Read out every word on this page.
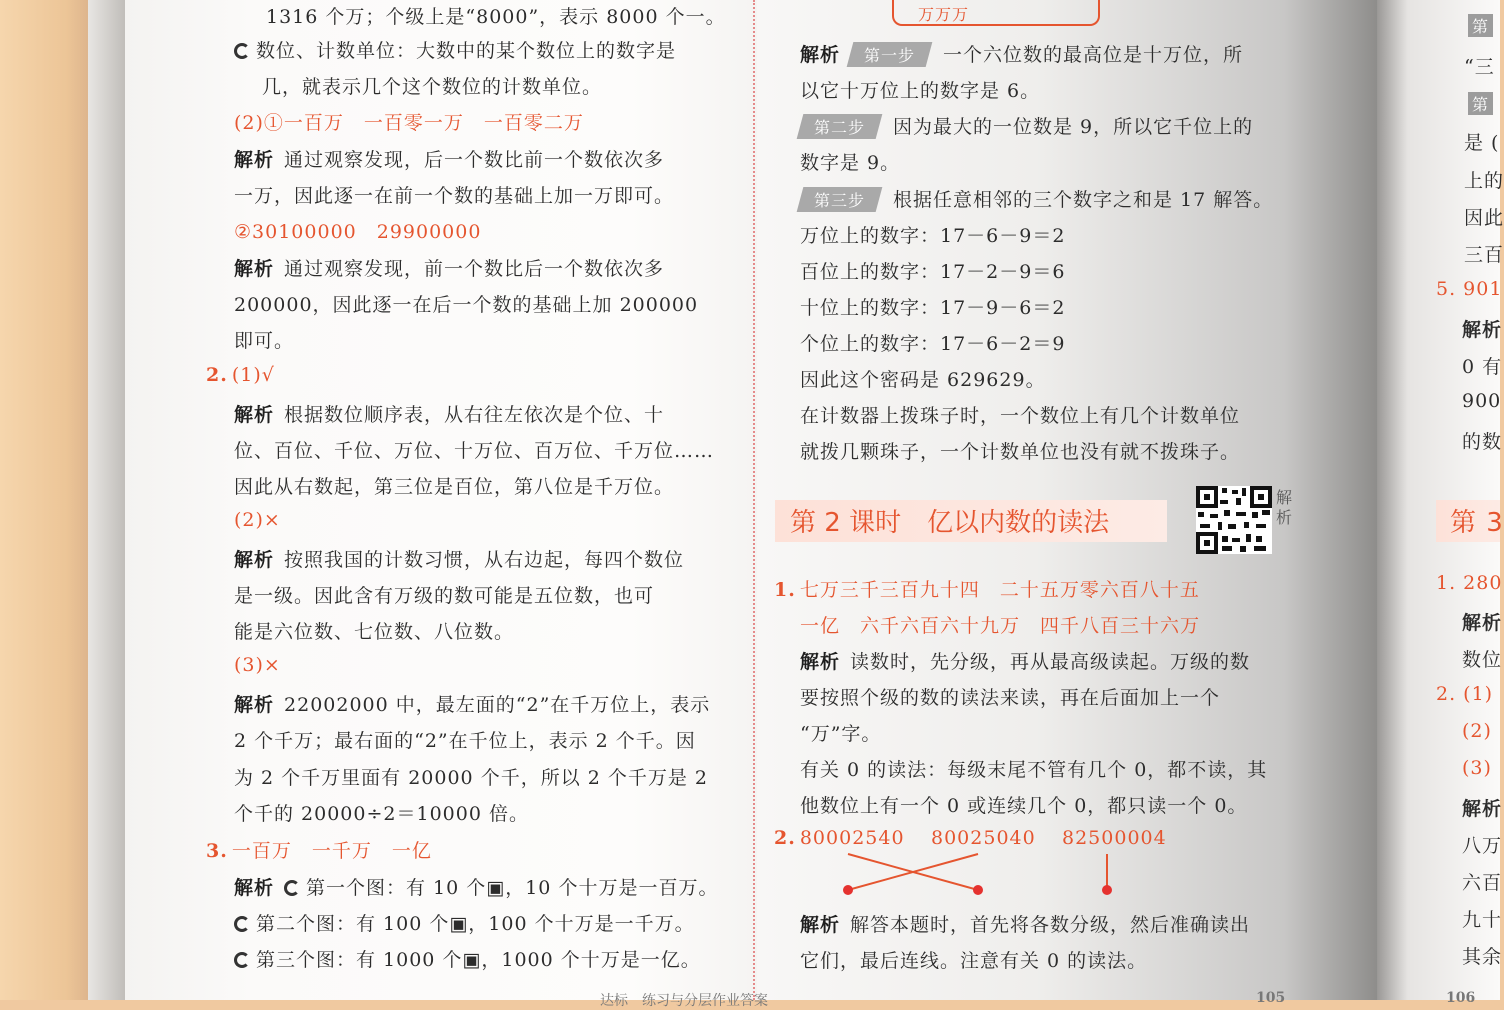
1316 个万；个级上是“8000”，表示 8000 个一。
数位、计数单位：大数中的某个数位上的数字是
几，就表示几个这个数位的计数单位。
(2)①一百万　一百零一万　一百零二万
解析 通过观察发现，后一个数比前一个数依次多
一万，因此逐一在前一个数的基础上加一万即可。
②30100000　29900000
解析 通过观察发现，前一个数比后一个数依次多
200000，因此逐一在后一个数的基础上加 200000
即可。
2. (1)√
解析 根据数位顺序表，从右往左依次是个位、十
位、百位、千位、万位、十万位、百万位、千万位……
因此从右数起，第三位是百位，第八位是千万位。
(2)×
解析 按照我国的计数习惯，从右边起，每四个数位
是一级。因此含有万级的数可能是五位数，也可
能是六位数、七位数、八位数。
(3)×
解析 22002000 中，最左面的“2”在千万位上，表示
2 个千万；最右面的“2”在千位上，表示 2 个千。因
为 2 个千万里面有 20000 个千，所以 2 个千万是 2
个千的 20000÷2＝10000 倍。
3. 一百万　一千万　一亿
解析 第一个图：有 10 个▣，10 个十万是一百万。
第二个图：有 100 个▣，100 个十万是一千万。
第三个图：有 1000 个▣，1000 个十万是一亿。
万万万
解析 第一步 一个六位数的最高位是十万位，所
以它十万位上的数字是 6。
第二步 因为最大的一位数是 9，所以它千位上的
数字是 9。
第三步 根据任意相邻的三个数字之和是 17 解答。
万位上的数字：17－6－9＝2
百位上的数字：17－2－9＝6
十位上的数字：17－9－6＝2
个位上的数字：17－6－2＝9
因此这个密码是 629629。
在计数器上拨珠子时，一个数位上有几个计数单位
就拨几颗珠子，一个计数单位也没有就不拨珠子。
第 2 课时　亿以内数的读法
解析
1. 七万三千三百九十四　二十五万零六百八十五
一亿　六千六百六十九万　四千八百三十六万
解析 读数时，先分级，再从最高级读起。万级的数
要按照个级的数的读法来读，再在后面加上一个
“万”字。
有关 0 的读法：每级末尾不管有几个 0，都不读，其
他数位上有一个 0 或连续几个 0，都只读一个 0。
2. 80002540 80025040 82500004
解析 解答本题时，首先将各数分级，然后准确读出
它们，最后连线。注意有关 0 的读法。
第
“三
第
是 (
上的
因此
三百
5. 901
解析
0 有
900
的数
第 3
1. 280
解析
数位
2. (1)
(2)
(3)
解析
八万
六百
九十
其余
达标　练习与分层作业答案	105	106
